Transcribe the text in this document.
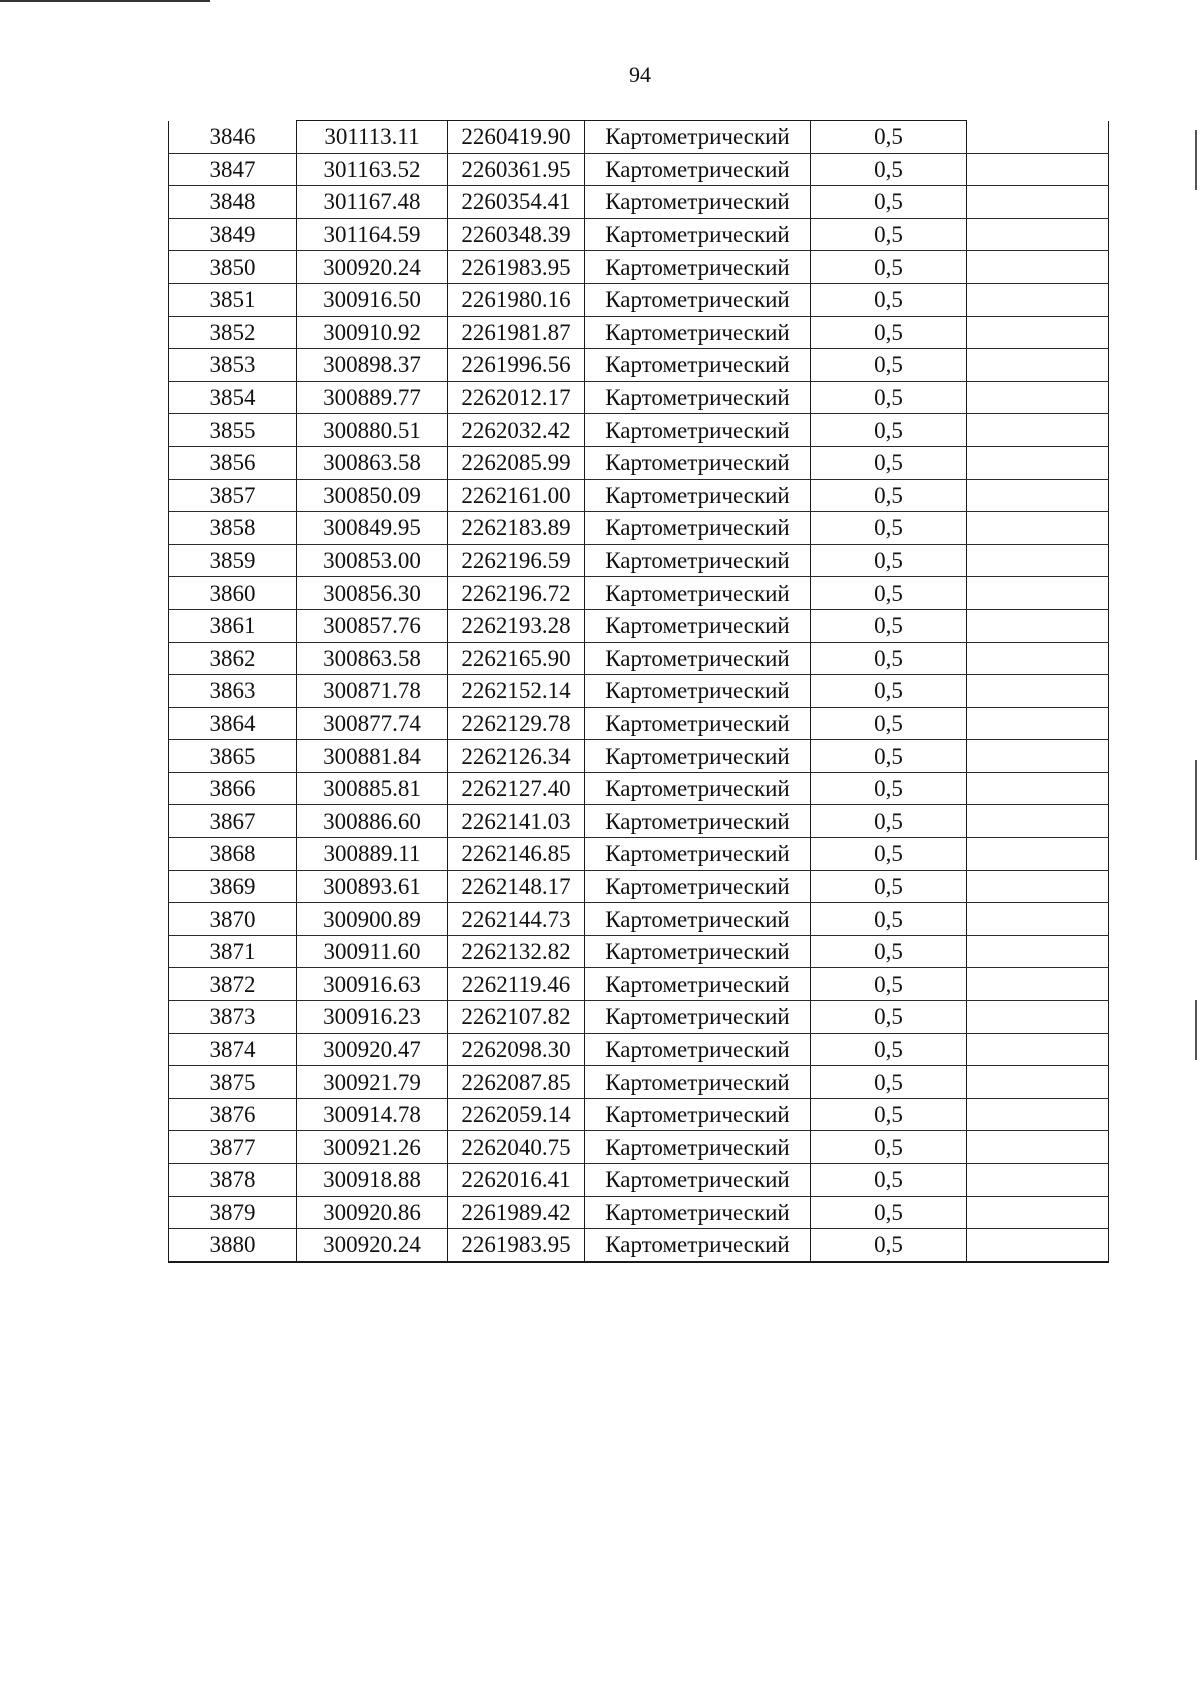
94
3846	301113.11	2260419.90	Картометрический	0,5	
3847	301163.52	2260361.95	Картометрический	0,5	
3848	301167.48	2260354.41	Картометрический	0,5	
3849	301164.59	2260348.39	Картометрический	0,5	
3850	300920.24	2261983.95	Картометрический	0,5	
3851	300916.50	2261980.16	Картометрический	0,5	
3852	300910.92	2261981.87	Картометрический	0,5	
3853	300898.37	2261996.56	Картометрический	0,5	
3854	300889.77	2262012.17	Картометрический	0,5	
3855	300880.51	2262032.42	Картометрический	0,5	
3856	300863.58	2262085.99	Картометрический	0,5	
3857	300850.09	2262161.00	Картометрический	0,5	
3858	300849.95	2262183.89	Картометрический	0,5	
3859	300853.00	2262196.59	Картометрический	0,5	
3860	300856.30	2262196.72	Картометрический	0,5	
3861	300857.76	2262193.28	Картометрический	0,5	
3862	300863.58	2262165.90	Картометрический	0,5	
3863	300871.78	2262152.14	Картометрический	0,5	
3864	300877.74	2262129.78	Картометрический	0,5	
3865	300881.84	2262126.34	Картометрический	0,5	
3866	300885.81	2262127.40	Картометрический	0,5	
3867	300886.60	2262141.03	Картометрический	0,5	
3868	300889.11	2262146.85	Картометрический	0,5	
3869	300893.61	2262148.17	Картометрический	0,5	
3870	300900.89	2262144.73	Картометрический	0,5	
3871	300911.60	2262132.82	Картометрический	0,5	
3872	300916.63	2262119.46	Картометрический	0,5	
3873	300916.23	2262107.82	Картометрический	0,5	
3874	300920.47	2262098.30	Картометрический	0,5	
3875	300921.79	2262087.85	Картометрический	0,5	
3876	300914.78	2262059.14	Картометрический	0,5	
3877	300921.26	2262040.75	Картометрический	0,5	
3878	300918.88	2262016.41	Картометрический	0,5	
3879	300920.86	2261989.42	Картометрический	0,5	
3880	300920.24	2261983.95	Картометрический	0,5	
